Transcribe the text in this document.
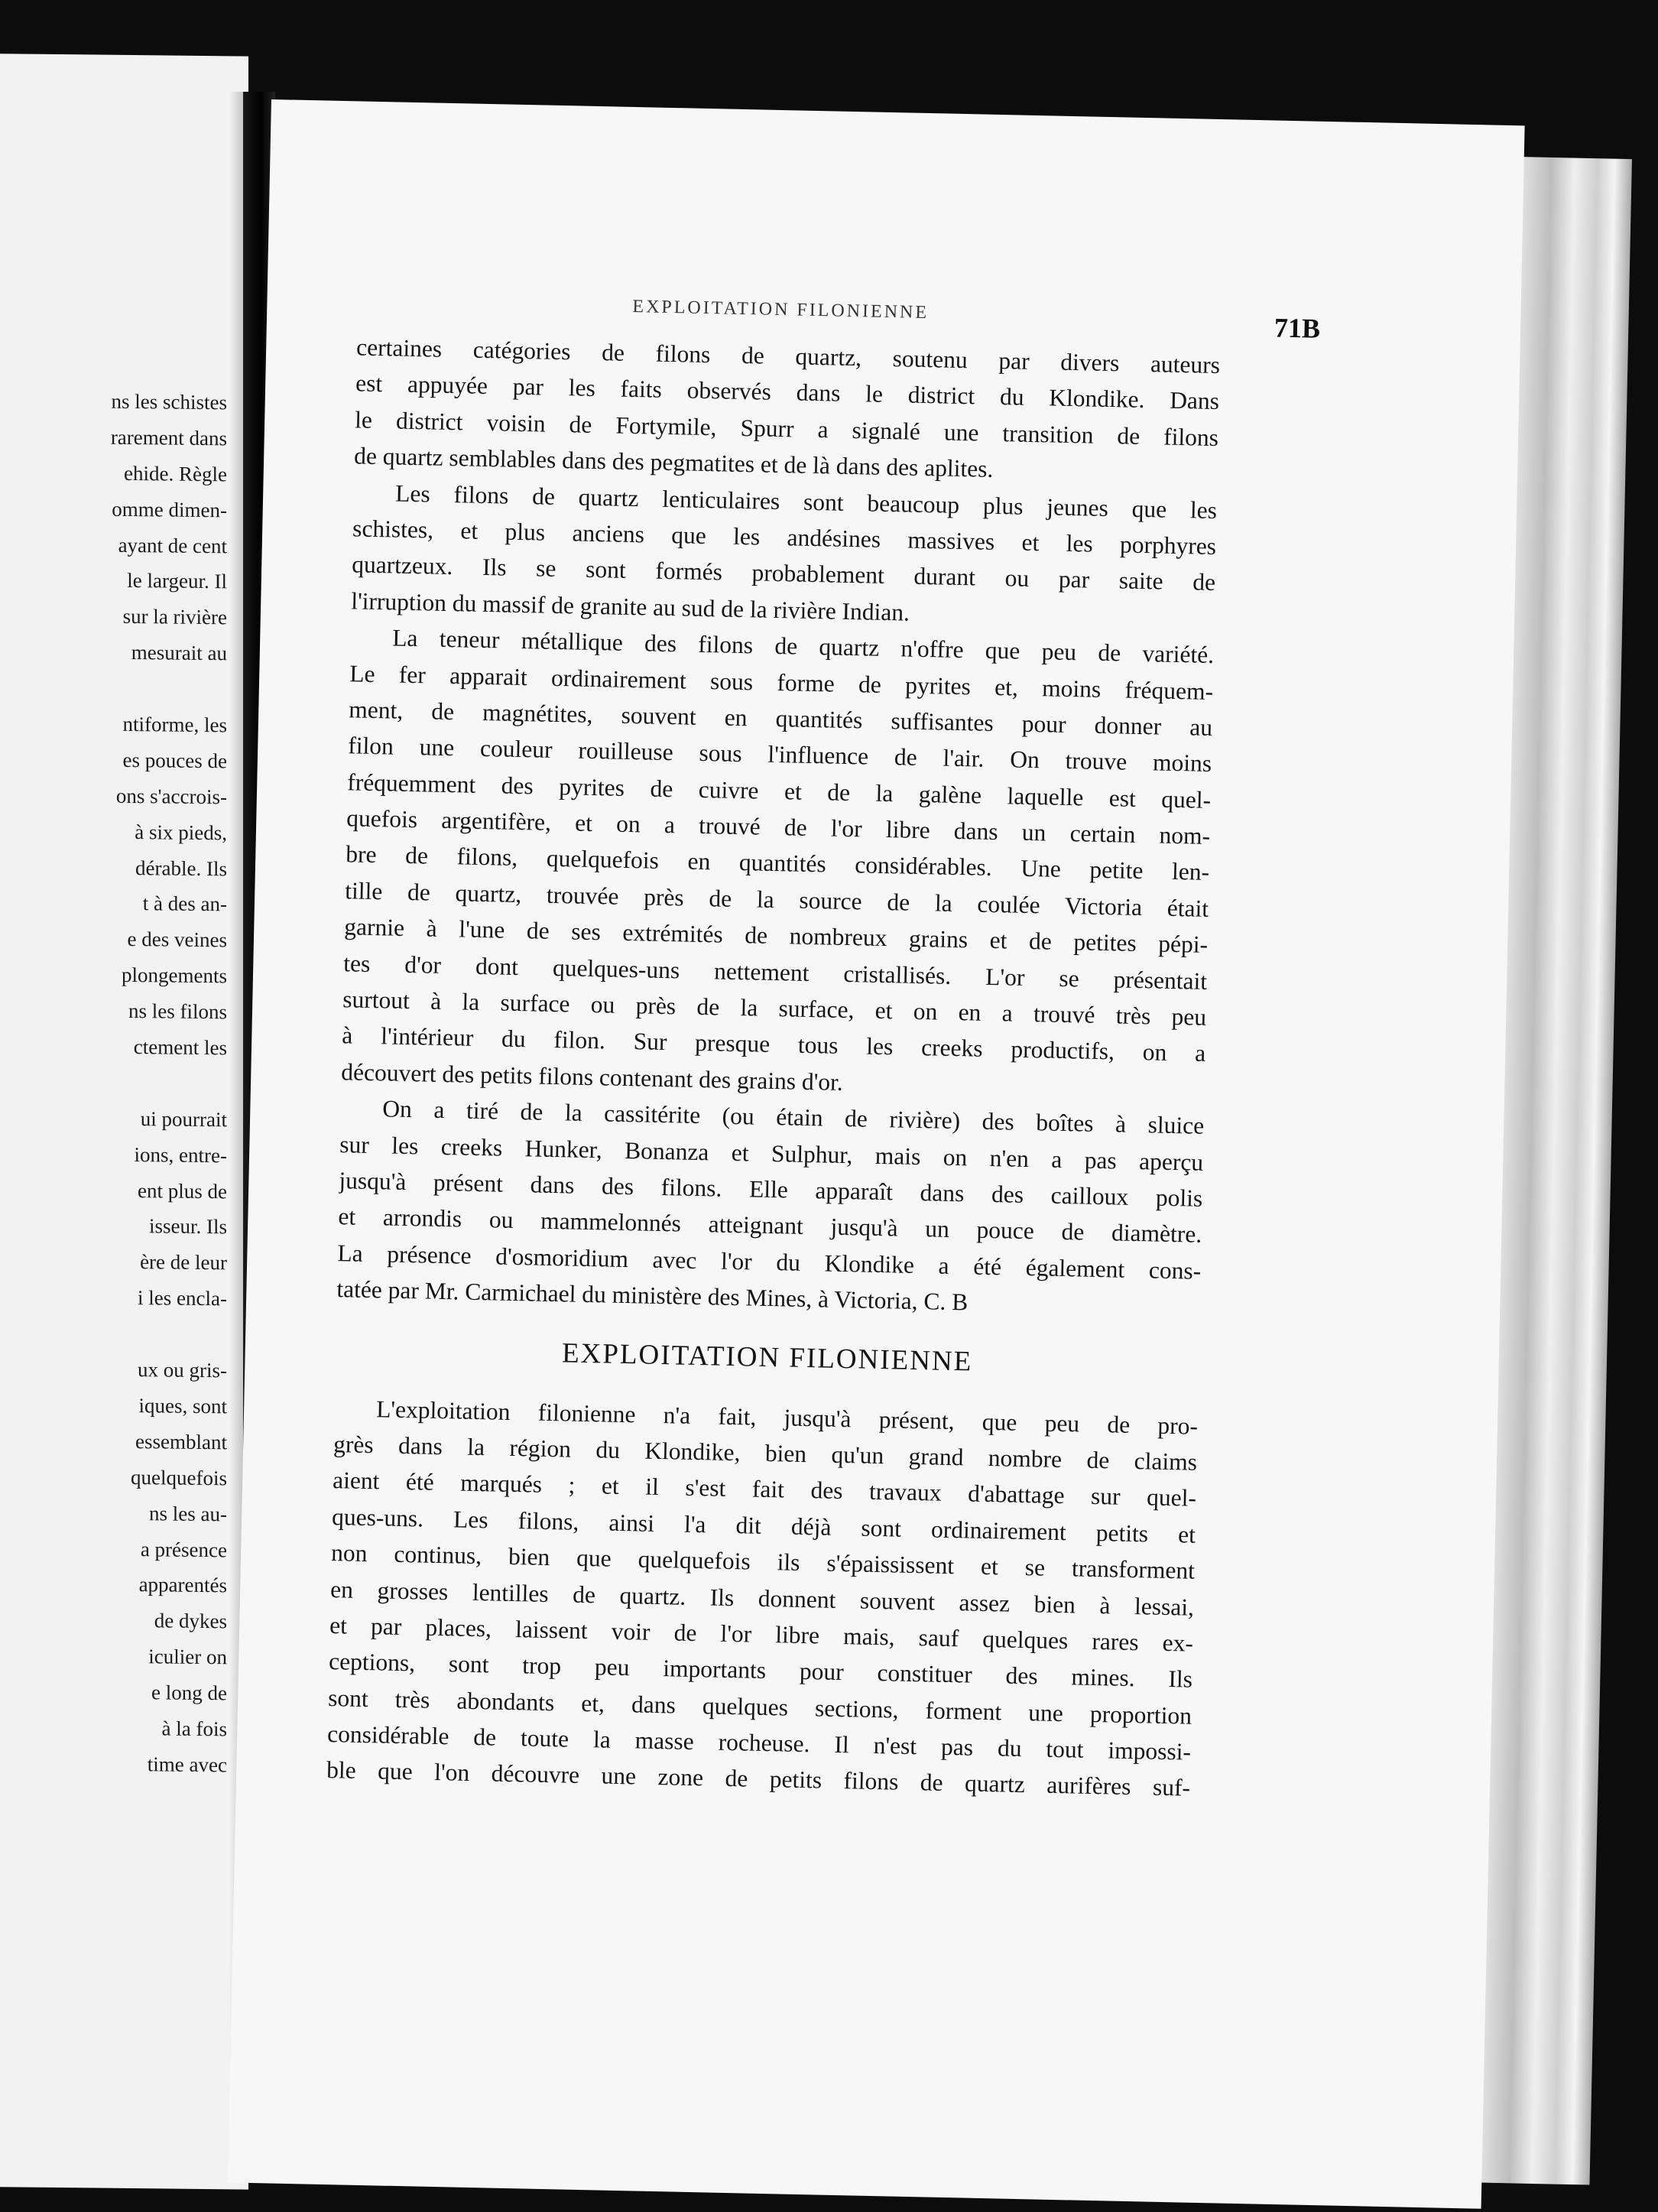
ns les schistes
rarement dans
ehide. Règle
omme dimen-
ayant de cent
le largeur. Il
sur la rivière
mesurait au
ntiforme, les
es pouces de
ons s'accrois-
à six pieds,
dérable. Ils
t à des an-
e des veines
plongements
ns les filons
ctement les
ui pourrait
ions, entre-
ent plus de
isseur. Ils
ère de leur
i les encla-
ux ou gris-
iques, sont
essemblant
quelquefois
ns les au-
a présence
apparentés
de dykes
iculier on
e long de
à la fois
time avec
EXPLOITATION FILONIENNE
71B
certaines catégories de filons de quartz, soutenu par divers auteurs
est appuyée par les faits observés dans le district du Klondike. Dans
le district voisin de Fortymile, Spurr a signalé une transition de filons
de quartz semblables dans des pegmatites et de là dans des aplites.
Les filons de quartz lenticulaires sont beaucoup plus jeunes que les
schistes, et plus anciens que les andésines massives et les porphyres
quartzeux. Ils se sont formés probablement durant ou par saite de
l'irruption du massif de granite au sud de la rivière Indian.
La teneur métallique des filons de quartz n'offre que peu de variété.
Le fer apparait ordinairement sous forme de pyrites et, moins fréquem-
ment, de magnétites, souvent en quantités suffisantes pour donner au
filon une couleur rouilleuse sous l'influence de l'air. On trouve moins
fréquemment des pyrites de cuivre et de la galène laquelle est quel-
quefois argentifère, et on a trouvé de l'or libre dans un certain nom-
bre de filons, quelquefois en quantités considérables. Une petite len-
tille de quartz, trouvée près de la source de la coulée Victoria était
garnie à l'une de ses extrémités de nombreux grains et de petites pépi-
tes d'or dont quelques-uns nettement cristallisés. L'or se présentait
surtout à la surface ou près de la surface, et on en a trouvé très peu
à l'intérieur du filon. Sur presque tous les creeks productifs, on a
découvert des petits filons contenant des grains d'or.
On a tiré de la cassitérite (ou étain de rivière) des boîtes à sluice
sur les creeks Hunker, Bonanza et Sulphur, mais on n'en a pas aperçu
jusqu'à présent dans des filons. Elle apparaît dans des cailloux polis
et arrondis ou mammelonnés atteignant jusqu'à un pouce de diamètre.
La présence d'osmoridium avec l'or du Klondike a été également cons-
tatée par Mr. Carmichael du ministère des Mines, à Victoria, C. B
EXPLOITATION FILONIENNE
L'exploitation filonienne n'a fait, jusqu'à présent, que peu de pro-
grès dans la région du Klondike, bien qu'un grand nombre de claims
aient été marqués ; et il s'est fait des travaux d'abattage sur quel-
ques-uns. Les filons, ainsi l'a dit déjà sont ordinairement petits et
non continus, bien que quelquefois ils s'épaississent et se transforment
en grosses lentilles de quartz. Ils donnent souvent assez bien à lessai,
et par places, laissent voir de l'or libre mais, sauf quelques rares ex-
ceptions, sont trop peu importants pour constituer des mines. Ils
sont très abondants et, dans quelques sections, forment une proportion
considérable de toute la masse rocheuse. Il n'est pas du tout impossi-
ble que l'on découvre une zone de petits filons de quartz aurifères suf-
